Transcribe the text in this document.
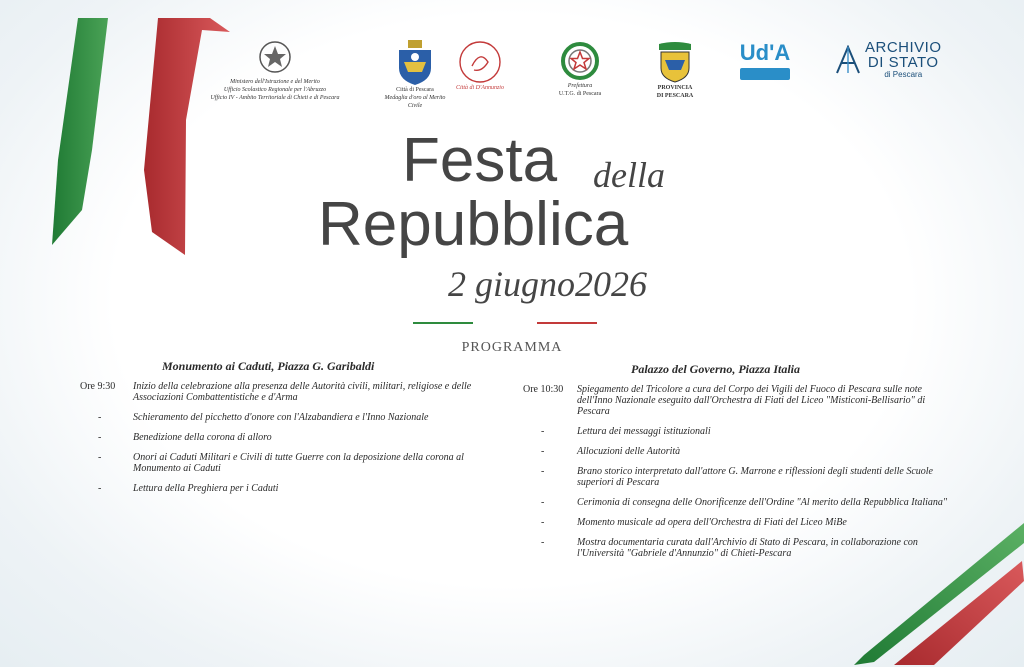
Ministero dell'Istruzione e del Merito
Ufficio Scolastico Regionale per l'Abruzzo
Ufficio IV - Ambito Territoriale di Chieti e di Pescara
Città di Pescara
Medaglia d'oro al Merito Civile
Città di D'Annunzio	Prefettura
U.T.G. di Pescara
PROVINCIA
DI PESCARA
Ud'A	ARCHIVIO
DI STATO
di Pescara
Festa della
Repubblica
2 giugno2026
PROGRAMMA
Monumento ai Caduti, Piazza G. Garibaldi
Ore 9:30	Inizio della celebrazione alla presenza delle Autorità civili, militari, religiose e delle Associazioni Combattentistiche e d'Arma
-	Schieramento del picchetto d'onore con l'Alzabandiera e l'Inno Nazionale
-	Benedizione della corona di alloro
-	Onori ai Caduti Militari e Civili di tutte Guerre con la deposizione della corona al Monumento ai Caduti
-	Lettura della Preghiera per i Caduti
Palazzo del Governo, Piazza Italia
Ore 10:30	Spiegamento del Tricolore a cura del Corpo dei Vigili del Fuoco di Pescara sulle note dell'Inno Nazionale eseguito dall'Orchestra di Fiati del Liceo "Misticoni-Bellisario" di Pescara
-	Lettura dei messaggi istituzionali
-	Allocuzioni delle Autorità
-	Brano storico interpretato dall'attore G. Marrone e riflessioni degli studenti delle Scuole superiori di Pescara
-	Cerimonia di consegna delle Onorificenze dell'Ordine "Al merito della Repubblica Italiana"
-	Momento musicale ad opera dell'Orchestra di Fiati del Liceo MiBe
-	Mostra documentaria curata dall'Archivio di Stato di Pescara, in collaborazione con l'Università "Gabriele d'Annunzio" di Chieti-Pescara
